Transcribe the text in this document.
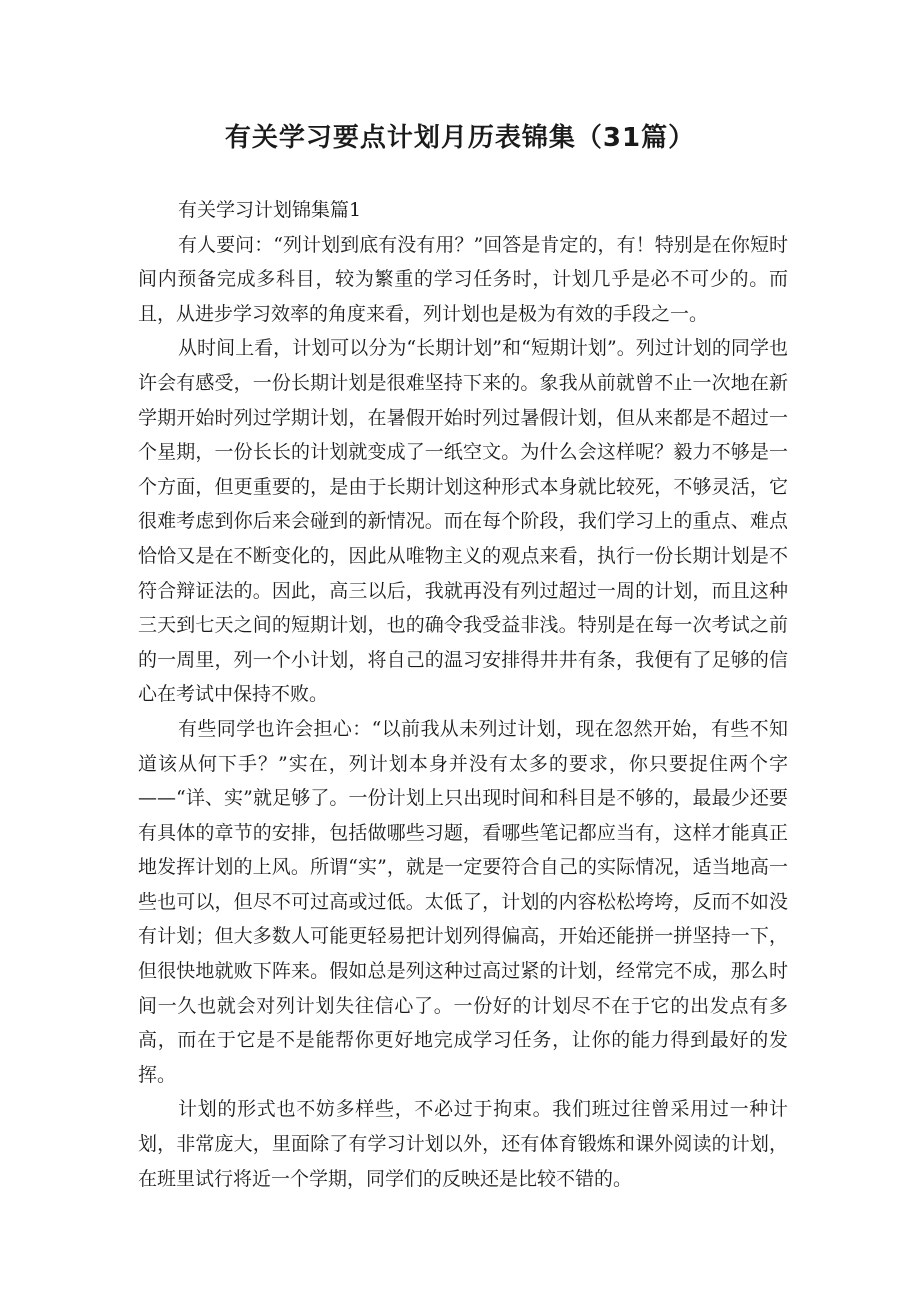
有关学习要点计划月历表锦集（31篇）

有关学习计划锦集篇1

有人要问：“列计划到底有没有用？”回答是肯定的，有！特别是在你短时间内预备完成多科目，较为繁重的学习任务时，计划几乎是必不可少的。而且，从进步学习效率的角度来看，列计划也是极为有效的手段之一。

从时间上看，计划可以分为“长期计划”和“短期计划”。列过计划的同学也许会有感受，一份长期计划是很难坚持下来的。象我从前就曾不止一次地在新学期开始时列过学期计划，在暑假开始时列过暑假计划，但从来都是不超过一个星期，一份长长的计划就变成了一纸空文。为什么会这样呢？毅力不够是一个方面，但更重要的，是由于长期计划这种形式本身就比较死，不够灵活，它很难考虑到你后来会碰到的新情况。而在每个阶段，我们学习上的重点、难点恰恰又是在不断变化的，因此从唯物主义的观点来看，执行一份长期计划是不符合辩证法的。因此，高三以后，我就再没有列过超过一周的计划，而且这种三天到七天之间的短期计划，也的确令我受益非浅。特别是在每一次考试之前的一周里，列一个小计划，将自己的温习安排得井井有条，我便有了足够的信心在考试中保持不败。

有些同学也许会担心：“以前我从未列过计划，现在忽然开始，有些不知道该从何下手？”实在，列计划本身并没有太多的要求，你只要捉住两个字——“详、实”就足够了。一份计划上只出现时间和科目是不够的，最最少还要有具体的章节的安排，包括做哪些习题，看哪些笔记都应当有，这样才能真正地发挥计划的上风。所谓“实”，就是一定要符合自己的实际情况，适当地高一些也可以，但尽不可过高或过低。太低了，计划的内容松松垮垮，反而不如没有计划；但大多数人可能更轻易把计划列得偏高，开始还能拼一拼坚持一下，但很快地就败下阵来。假如总是列这种过高过紧的计划，经常完不成，那么时间一久也就会对列计划失往信心了。一份好的计划尽不在于它的出发点有多高，而在于它是不是能帮你更好地完成学习任务，让你的能力得到最好的发挥。

计划的形式也不妨多样些，不必过于拘束。我们班过往曾采用过一种计划，非常庞大，里面除了有学习计划以外，还有体育锻炼和课外阅读的计划，在班里试行将近一个学期，同学们的反映还是比较不错的。
